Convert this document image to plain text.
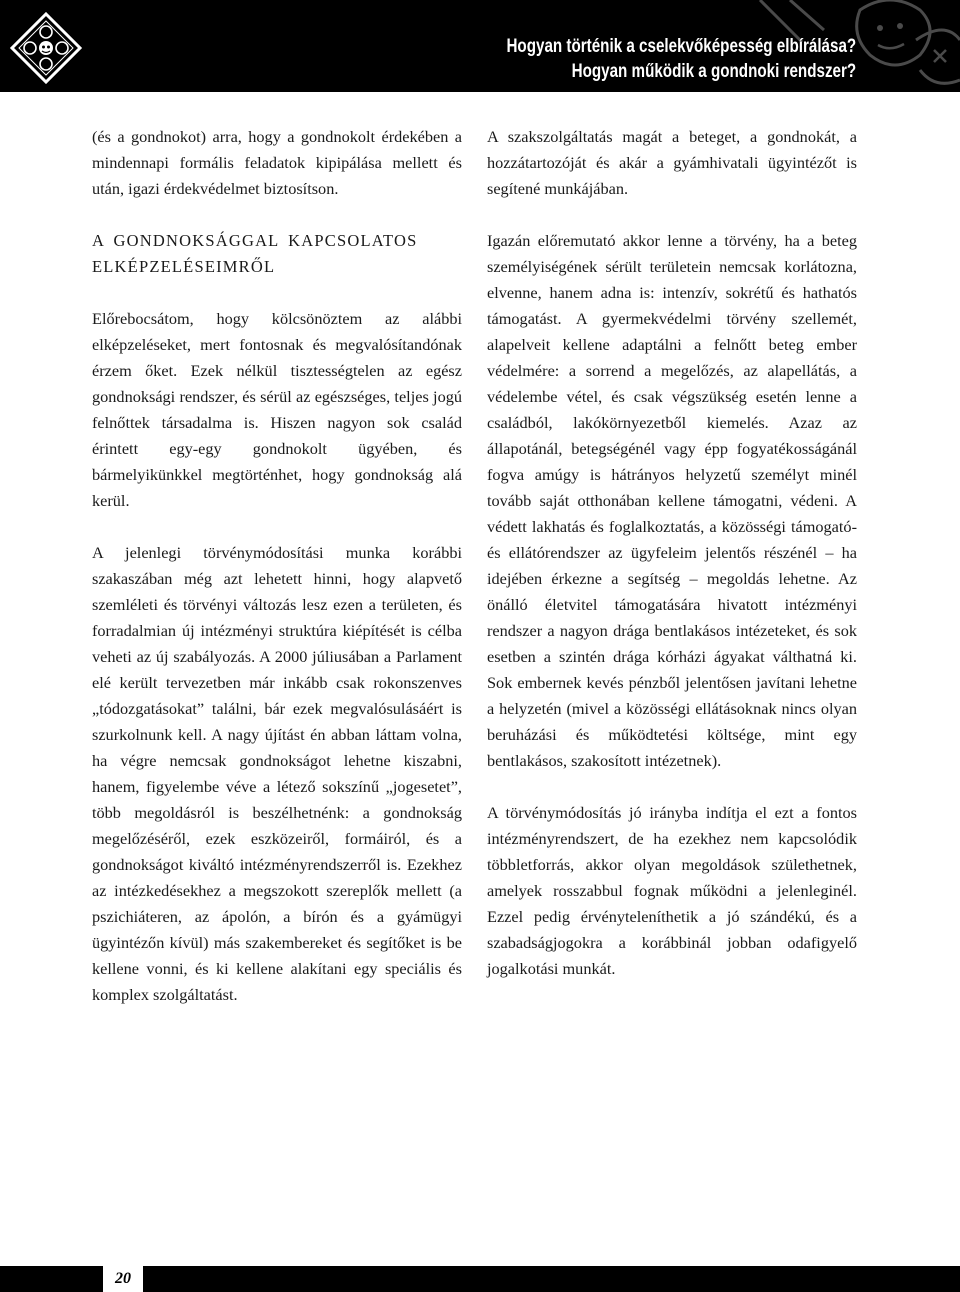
Hogyan történik a cselekvőképesség elbírálása?
Hogyan működik a gondnoki rendszer?

(és a gondnokot) arra, hogy a gondnokolt érdekében a mindennapi formális feladatok kipipálása mellett és után, igazi érdekvédelmet biztosítson.

A GONDNOKSÁGGAL KAPCSOLATOS
ELKÉPZELÉSEIMRŐL

Előrebocsátom, hogy kölcsönöztem az alábbi elképzeléseket, mert fontosnak és megvalósítandónak érzem őket. Ezek nélkül tisztességtelen az egész gondnoksági rendszer, és sérül az egészséges, teljes jogú felnőttek társadalma is. Hiszen nagyon sok család érintett egy-egy gondnokolt ügyében, és bármelyikünkkel megtörténhet, hogy gondnokság alá kerül.

A jelenlegi törvénymódosítási munka korábbi szakaszában még azt lehetett hinni, hogy alapvető szemléleti és törvényi változás lesz ezen a területen, és forradalmian új intézményi struktúra kiépítését is célba veheti az új szabályozás. A 2000 júliusában a Parlament elé került tervezetben már inkább csak rokonszenves „tódozgatásokat” találni, bár ezek megvalósulásáért is szurkolnunk kell. A nagy újítást én abban láttam volna, ha végre nemcsak gondnokságot lehetne kiszabni, hanem, figyelembe véve a létező sokszínű „jogesetet”, több megoldásról is beszélhetnénk: a gondnokság megelőzéséről, ezek eszközeiről, formáiról, és a gondnokságot kiváltó intézményrendszerről is. Ezekhez az intézkedésekhez a megszokott szereplők mellett (a pszichiáteren, az ápolón, a bírón és a gyámügyi ügyintézőn kívül) más szakembereket és segítőket is be kellene vonni, és ki kellene alakítani egy speciális és komplex szolgáltatást.

A szakszolgáltatás magát a beteget, a gondnokát, a hozzátartozóját és akár a gyámhivatali ügyintézőt is segítené munkájában.

Igazán előremutató akkor lenne a törvény, ha a beteg személyiségének sérült területein nemcsak korlátozna, elvenne, hanem adna is: intenzív, sokrétű és hathatós támogatást. A gyermekvédelmi törvény szellemét, alapelveit kellene adaptálni a felnőtt beteg ember védelmére: a sorrend a megelőzés, az alapellátás, a védelembe vétel, és csak végszükség esetén lenne a családból, lakókörnyezetből kiemelés. Azaz az állapotánál, betegségénél vagy épp fogyatékosságánál fogva amúgy is hátrányos helyzetű személyt minél tovább saját otthonában kellene támogatni, védeni. A védett lakhatás és foglalkoztatás, a közösségi támogató- és ellátórendszer az ügyfeleim jelentős részénél – ha idejében érkezne a segítség – megoldás lehetne. Az önálló életvitel támogatására hivatott intézményi rendszer a nagyon drága bentlakásos intézeteket, és sok esetben a szintén drága kórházi ágyakat válthatná ki. Sok embernek kevés pénzből jelentősen javítani lehetne a helyzetén (mivel a közösségi ellátásoknak nincs olyan beruházási és működtetési költsége, mint egy bentlakásos, szakosított intézetnek).

A törvénymódosítás jó irányba indítja el ezt a fontos intézményrendszert, de ha ezekhez nem kapcsolódik többletforrás, akkor olyan megoldások születhetnek, amelyek rosszabbul fognak működni a jelenleginél. Ezzel pedig érvényteleníthetik a jó szándékú, és a szabadságjogokra a korábbinál jobban odafigyelő jogalkotási munkát.

20
